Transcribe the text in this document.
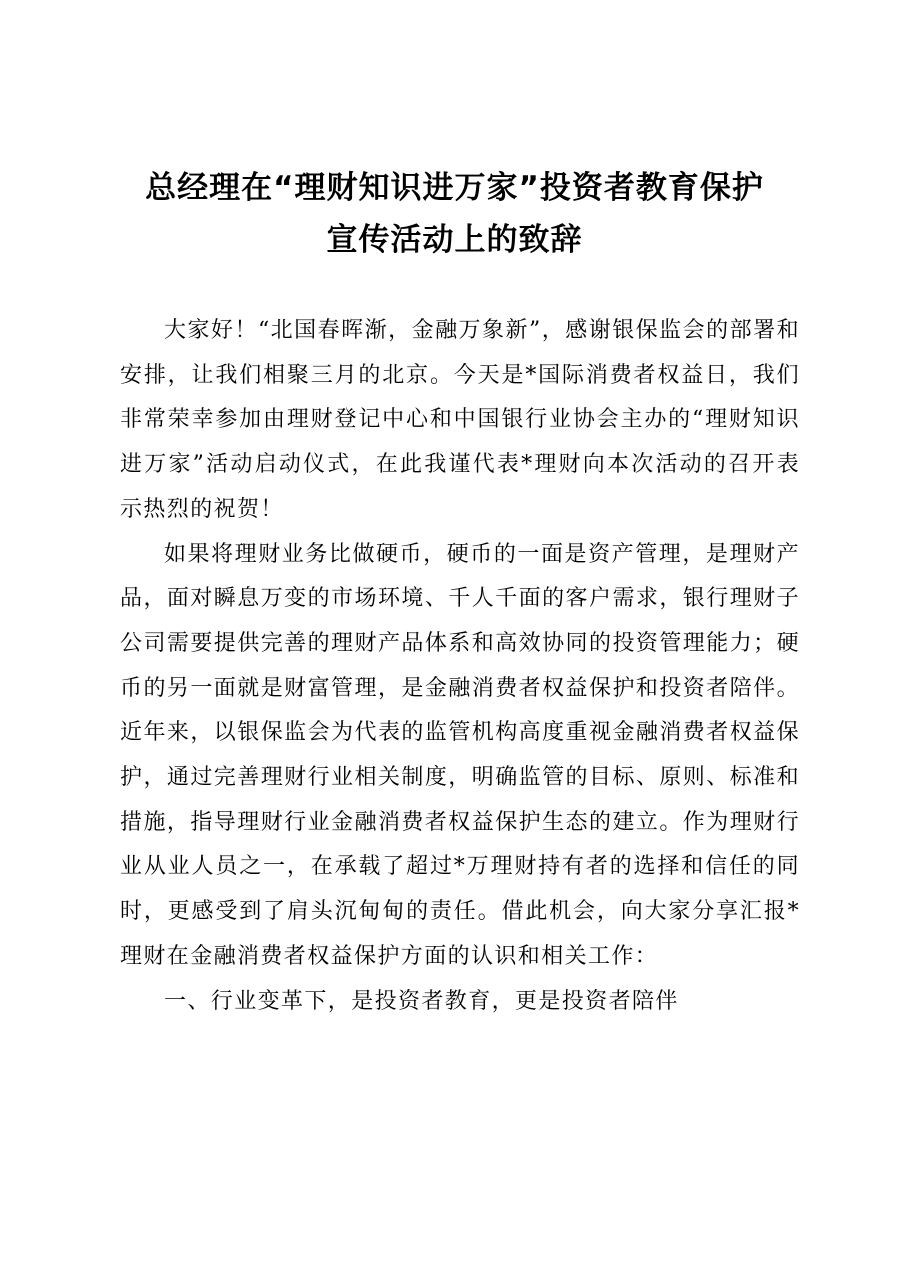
总经理在“理财知识进万家”投资者教育保护
宣传活动上的致辞

大家好！“北国春晖渐，金融万象新”，感谢银保监会的部署和安排，让我们相聚三月的北京。今天是*国际消费者权益日，我们非常荣幸参加由理财登记中心和中国银行业协会主办的“理财知识进万家”活动启动仪式，在此我谨代表*理财向本次活动的召开表示热烈的祝贺！

如果将理财业务比做硬币，硬币的一面是资产管理，是理财产品，面对瞬息万变的市场环境、千人千面的客户需求，银行理财子公司需要提供完善的理财产品体系和高效协同的投资管理能力；硬币的另一面就是财富管理，是金融消费者权益保护和投资者陪伴。近年来，以银保监会为代表的监管机构高度重视金融消费者权益保护，通过完善理财行业相关制度，明确监管的目标、原则、标准和措施，指导理财行业金融消费者权益保护生态的建立。作为理财行业从业人员之一，在承载了超过*万理财持有者的选择和信任的同时，更感受到了肩头沉甸甸的责任。借此机会，向大家分享汇报*理财在金融消费者权益保护方面的认识和相关工作：

一、行业变革下，是投资者教育，更是投资者陪伴
